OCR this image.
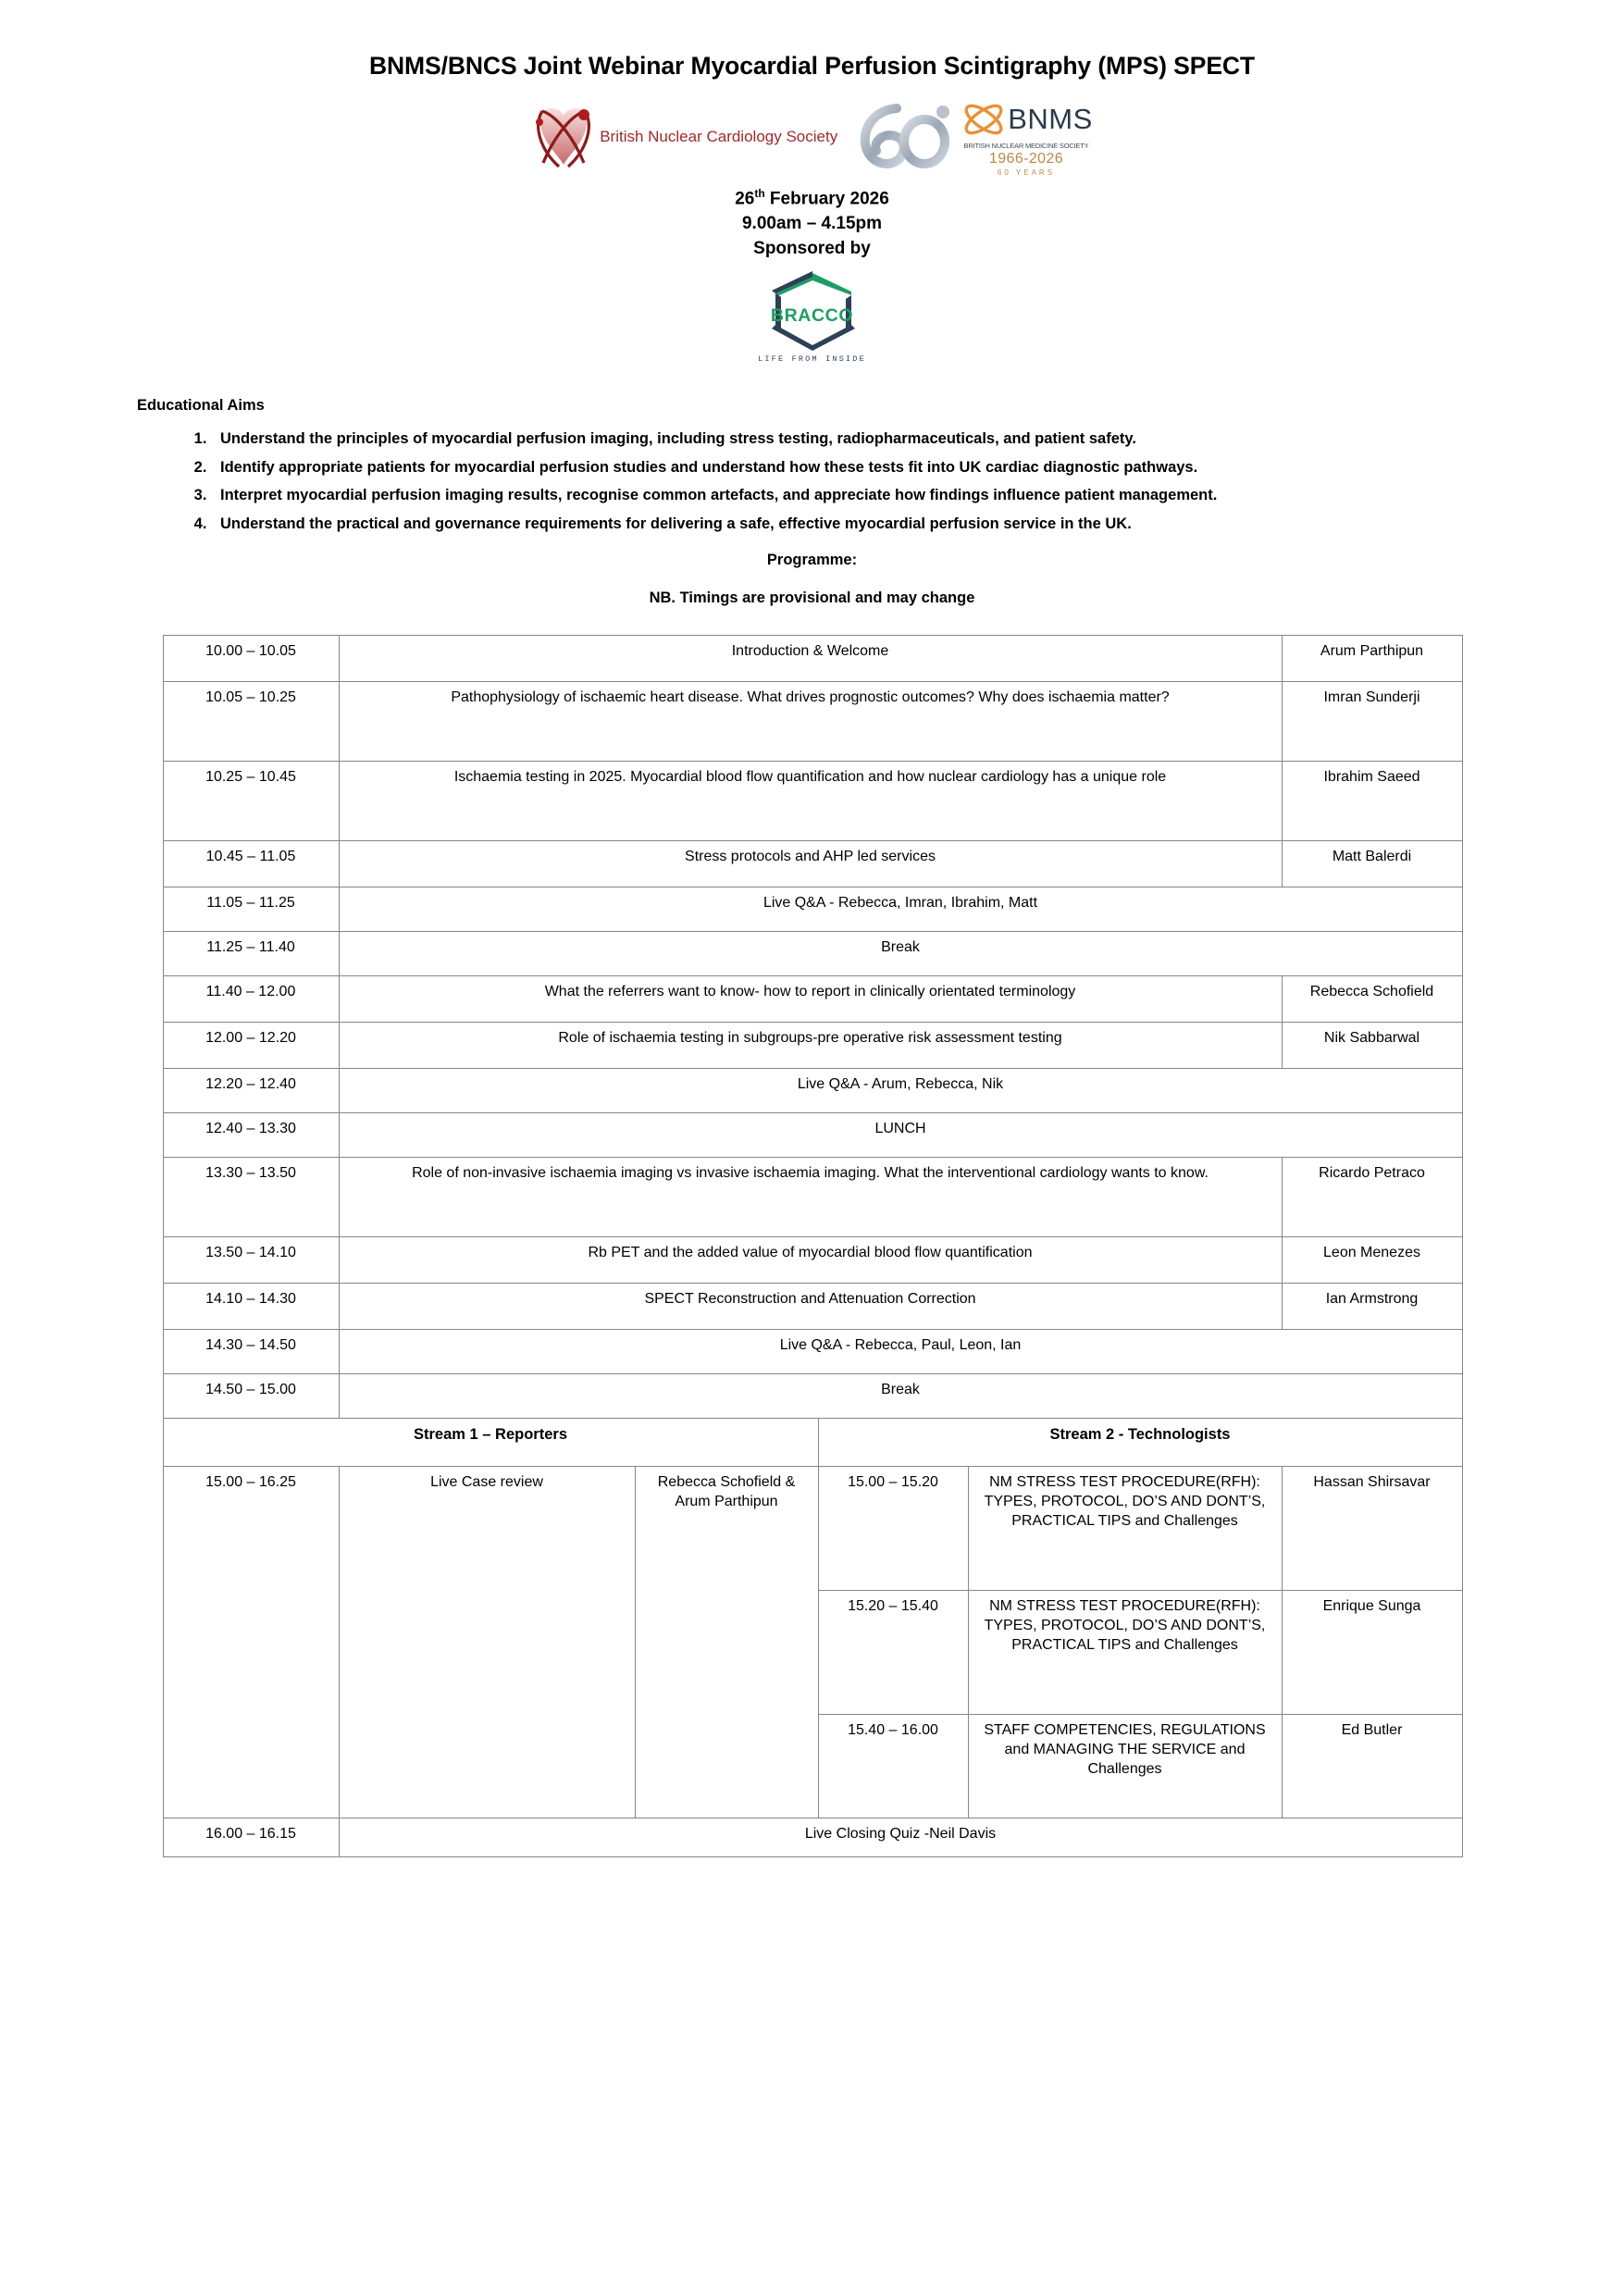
BNMS/BNCS Joint Webinar Myocardial Perfusion Scintigraphy (MPS) SPECT
British Nuclear Cardiology Society
BNMS
BRITISH NUCLEAR MEDICINE SOCIETY
1966-2026
60 YEARS
26th February 2026
9.00am – 4.15pm
Sponsored by
BRACCO
LIFE FROM INSIDE
Educational Aims
1. Understand the principles of myocardial perfusion imaging, including stress testing, radiopharmaceuticals, and patient safety.
2. Identify appropriate patients for myocardial perfusion studies and understand how these tests fit into UK cardiac diagnostic pathways.
3. Interpret myocardial perfusion imaging results, recognise common artefacts, and appreciate how findings influence patient management.
4. Understand the practical and governance requirements for delivering a safe, effective myocardial perfusion service in the UK.
Programme:
NB. Timings are provisional and may change
10.00 – 10.05	Introduction & Welcome				Arum Parthipun
10.05 – 10.25	Pathophysiology of ischaemic heart disease. What drives prognostic outcomes? Why does ischaemia matter?				Imran Sunderji
10.25 – 10.45	Ischaemia testing in 2025. Myocardial blood flow quantification and how nuclear cardiology has a unique role				Ibrahim Saeed
10.45 – 11.05	Stress protocols and AHP led services				Matt Balerdi
11.05 – 11.25	Live Q&A - Rebecca, Imran, Ibrahim, Matt				
11.25 – 11.40	Break				
11.40 – 12.00	What the referrers want to know- how to report in clinically orientated terminology				Rebecca Schofield
12.00 – 12.20	Role of ischaemia testing in subgroups-pre operative risk assessment testing				Nik Sabbarwal
12.20 – 12.40	Live Q&A - Arum, Rebecca, Nik				
12.40 – 13.30	LUNCH				
13.30 – 13.50	Role of non-invasive ischaemia imaging vs invasive ischaemia imaging. What the interventional cardiology wants to know.				Ricardo Petraco
13.50 – 14.10	Rb PET and the added value of myocardial blood flow quantification				Leon Menezes
14.10 – 14.30	SPECT Reconstruction and Attenuation Correction				Ian Armstrong
14.30 – 14.50	Live Q&A - Rebecca, Paul, Leon, Ian				
14.50 – 15.00	Break				
Stream 1 – Reporters			Stream 2 - Technologists		
15.00 – 16.25	Live Case review	Rebecca Schofield & Arum Parthipun	15.00 – 15.20	NM STRESS TEST PROCEDURE(RFH): TYPES, PROTOCOL, DO’S AND DONT’S, PRACTICAL TIPS and Challenges	Hassan Shirsavar
			15.20 – 15.40	NM STRESS TEST PROCEDURE(RFH): TYPES, PROTOCOL, DO’S AND DONT’S, PRACTICAL TIPS and Challenges	Enrique Sunga
			15.40 – 16.00	STAFF COMPETENCIES, REGULATIONS and MANAGING THE SERVICE and Challenges	Ed Butler
16.00 – 16.15	Live Closing Quiz -Neil Davis				
